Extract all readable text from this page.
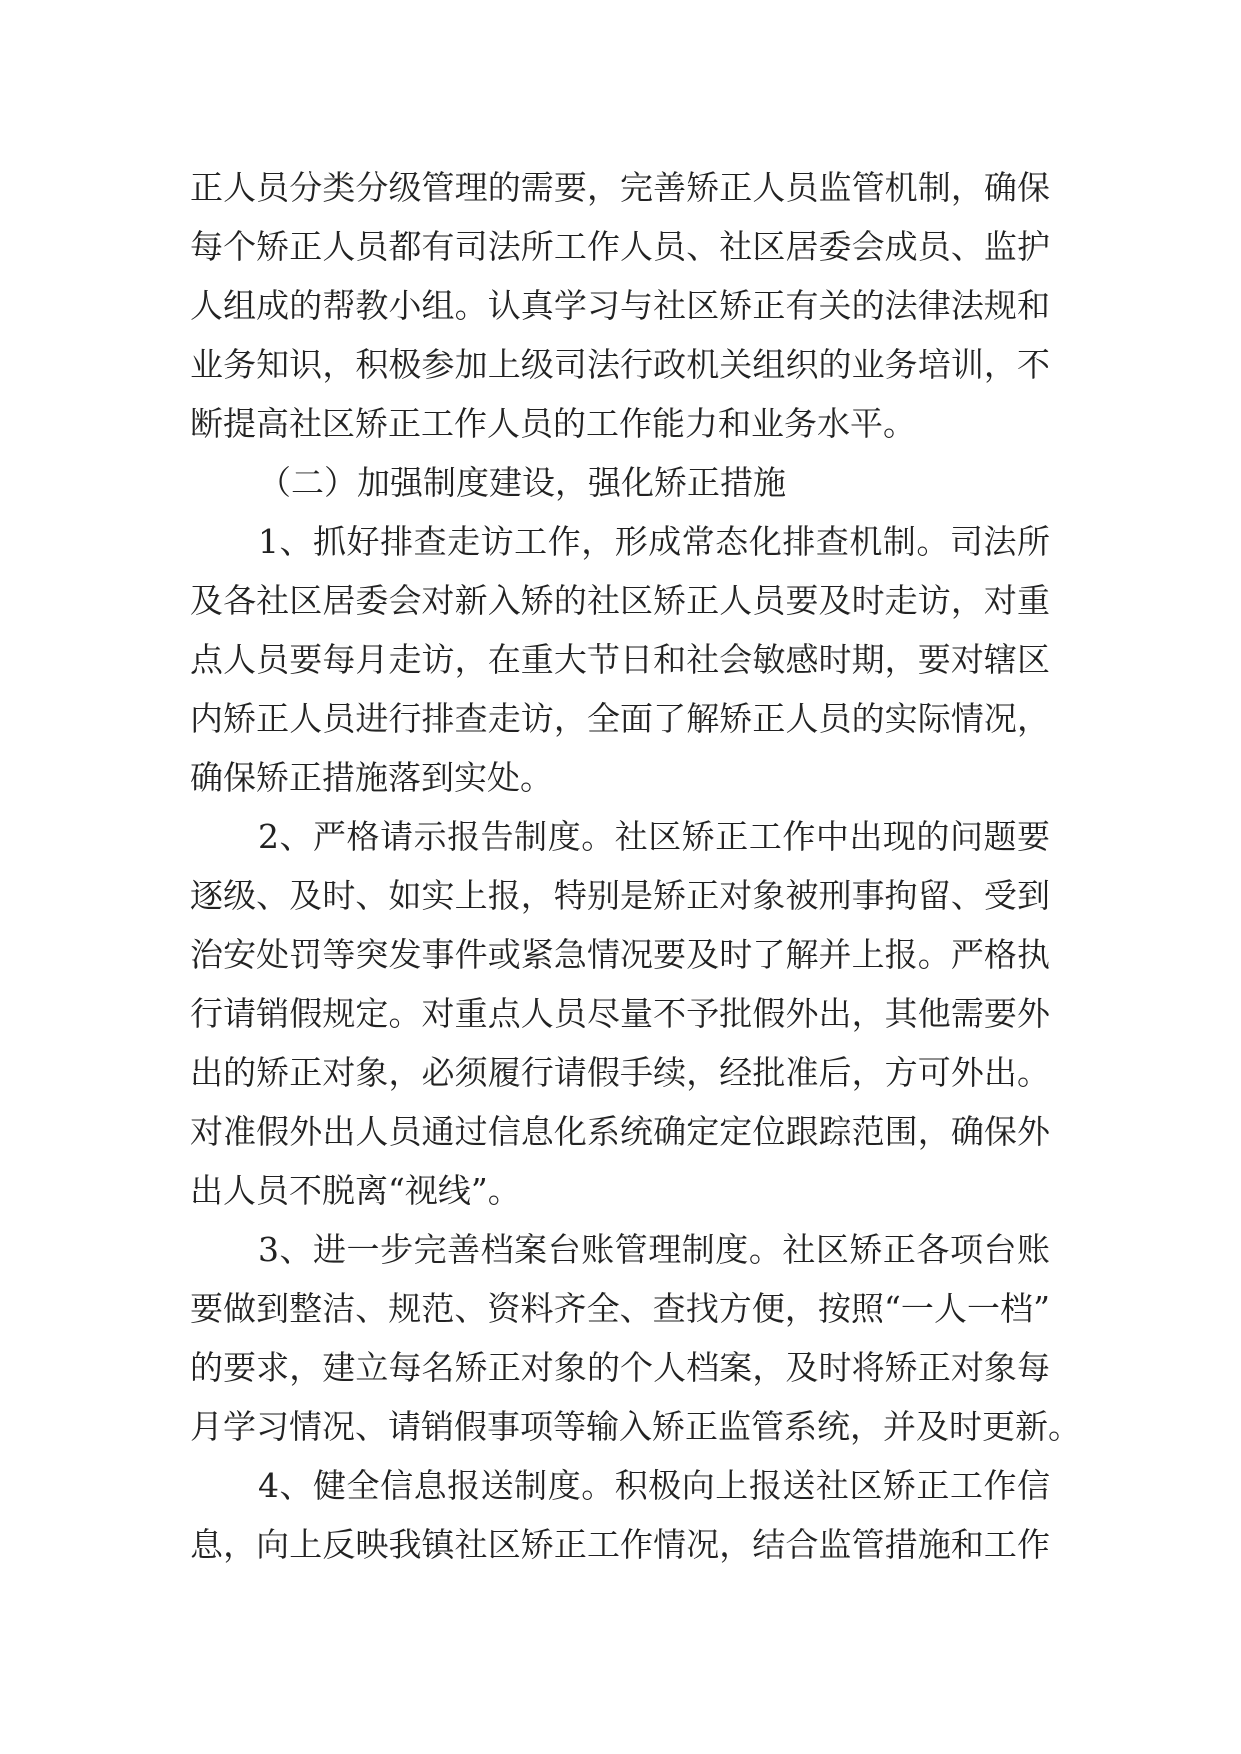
正人员分类分级管理的需要，完善矫正人员监管机制，确保
每个矫正人员都有司法所工作人员、社区居委会成员、监护
人组成的帮教小组。认真学习与社区矫正有关的法律法规和
业务知识，积极参加上级司法行政机关组织的业务培训，不
断提高社区矫正工作人员的工作能力和业务水平。
（二）加强制度建设，强化矫正措施
1、抓好排查走访工作，形成常态化排查机制。司法所
及各社区居委会对新入矫的社区矫正人员要及时走访，对重
点人员要每月走访，在重大节日和社会敏感时期，要对辖区
内矫正人员进行排查走访，全面了解矫正人员的实际情况，
确保矫正措施落到实处。
2、严格请示报告制度。社区矫正工作中出现的问题要
逐级、及时、如实上报，特别是矫正对象被刑事拘留、受到
治安处罚等突发事件或紧急情况要及时了解并上报。严格执
行请销假规定。对重点人员尽量不予批假外出，其他需要外
出的矫正对象，必须履行请假手续，经批准后，方可外出。
对准假外出人员通过信息化系统确定定位跟踪范围，确保外
出人员不脱离“视线”。
3、进一步完善档案台账管理制度。社区矫正各项台账
要做到整洁、规范、资料齐全、查找方便，按照“一人一档”
的要求，建立每名矫正对象的个人档案，及时将矫正对象每
月学习情况、请销假事项等输入矫正监管系统，并及时更新。
4、健全信息报送制度。积极向上报送社区矫正工作信
息，向上反映我镇社区矫正工作情况，结合监管措施和工作
